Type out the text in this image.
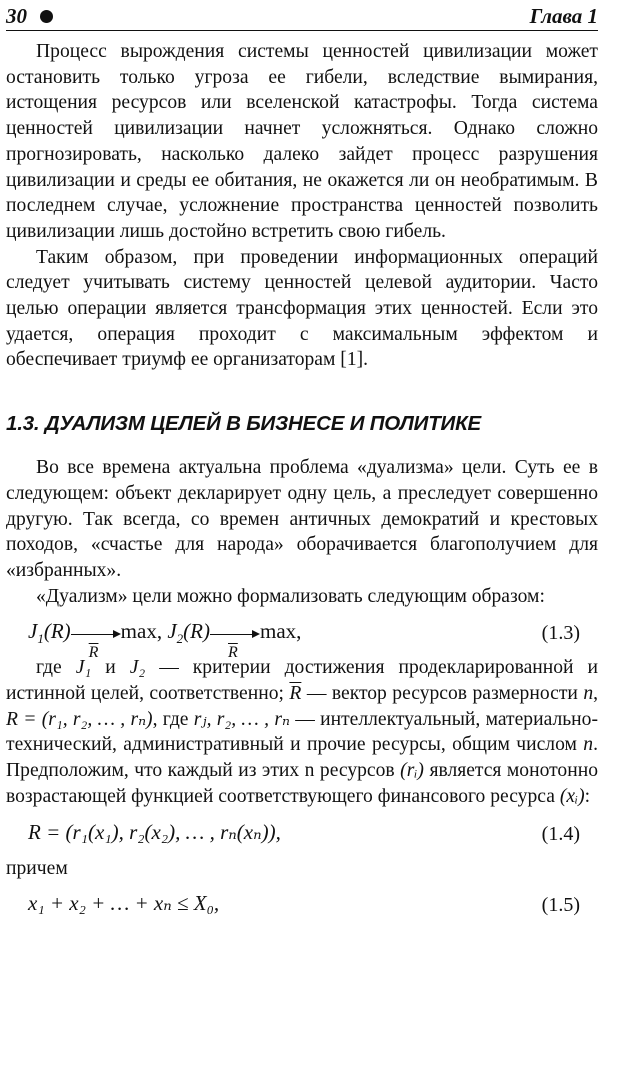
30	Глава 1

Процесс вырождения системы ценностей цивилизации может остановить только угроза ее гибели, вследствие вымирания, истощения ресурсов или вселенской катастрофы. Тогда система ценностей цивилизации начнет усложняться. Однако сложно прогнозировать, насколько далеко зайдет процесс разрушения цивилизации и среды ее обитания, не окажется ли он необратимым. В последнем случае, усложнение пространства ценностей позволить цивилизации лишь достойно встретить свою гибель.

Таким образом, при проведении информационных операций следует учитывать систему ценностей целевой аудитории. Часто целью операции является трансформация этих ценностей. Если это удается, операция проходит с максимальным эффектом и обеспечивает триумф ее организаторам [1].

1.3. ДУАЛИЗМ ЦЕЛЕЙ В БИЗНЕСЕ И ПОЛИТИКЕ

Во все времена актуальна проблема «дуализма» цели. Суть ее в следующем: объект декларирует одну цель, а преследует совершенно другую. Так всегда, со времен античных демократий и крестовых походов, «счастье для народа» оборачивается благополучием для «избранных».

«Дуализм» цели можно формализовать следующим образом:

$J_1(R)$
$\overline{R}$
max, $J_2(R)$
$\overline{R}$
max,	(1.3)

где J₁ и J₂ — критерии достижения продекларированной и истинной целей, соответственно; $\overline{R}$ — вектор ресурсов размерности n, R = (r₁, r₂, … , rₙ), где rⱼ, r₂, … , rₙ — интеллектуальный, материально-технический, административный и прочие ресурсы, общим числом n. Предположим, что каждый из этих n ресурсов (rᵢ) является монотонно возрастающей функцией соответствующего финансового ресурса (xᵢ):

R = (r₁(x₁), r₂(x₂), … , rₙ(xₙ)),	(1.4)

причем

x₁ + x₂ + … + xₙ ≤ X₀,	(1.5)
